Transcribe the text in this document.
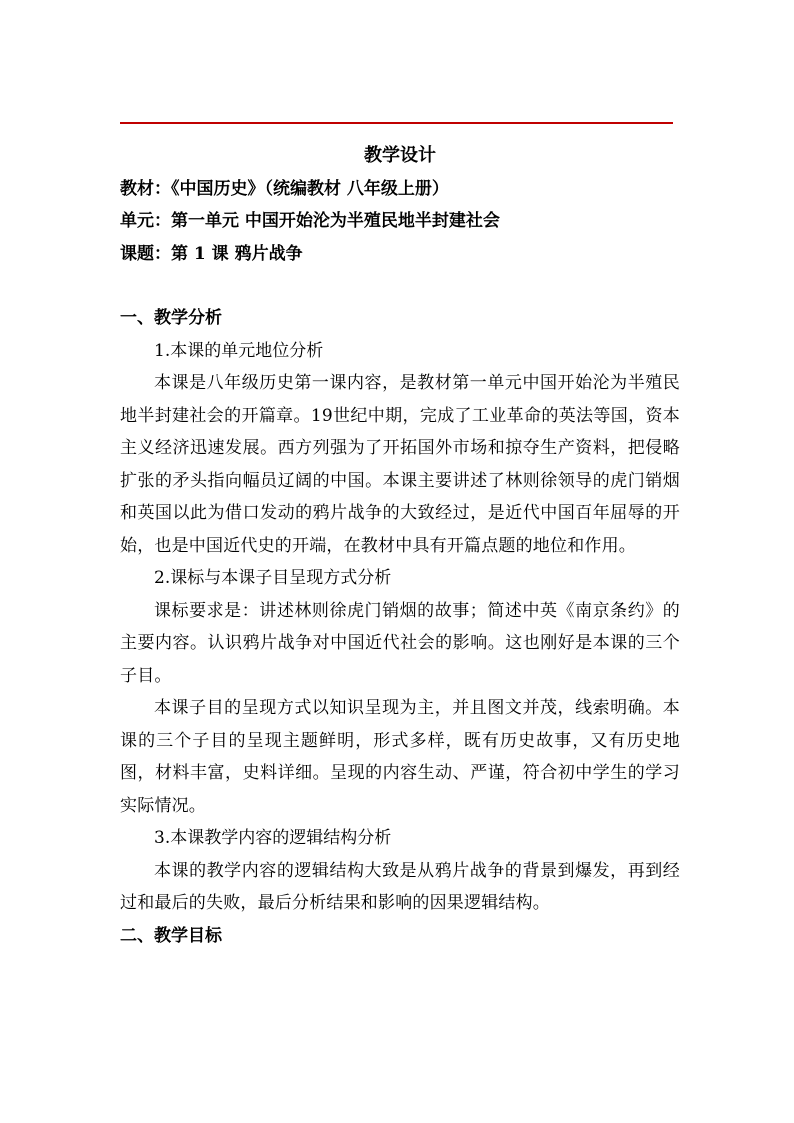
教学设计

教材：《中国历史》（统编教材 八年级上册）

单元：第一单元 中国开始沦为半殖民地半封建社会

课题：第 1 课 鸦片战争

一、教学分析

1.本课的单元地位分析

本课是八年级历史第一课内容，是教材第一单元中国开始沦为半殖民地半封建社会的开篇章。19世纪中期，完成了工业革命的英法等国，资本主义经济迅速发展。西方列强为了开拓国外市场和掠夺生产资料，把侵略扩张的矛头指向幅员辽阔的中国。本课主要讲述了林则徐领导的虎门销烟和英国以此为借口发动的鸦片战争的大致经过，是近代中国百年屈辱的开始，也是中国近代史的开端，在教材中具有开篇点题的地位和作用。

2.课标与本课子目呈现方式分析

课标要求是：讲述林则徐虎门销烟的故事；简述中英《南京条约》的主要内容。认识鸦片战争对中国近代社会的影响。这也刚好是本课的三个子目。

本课子目的呈现方式以知识呈现为主，并且图文并茂，线索明确。本课的三个子目的呈现主题鲜明，形式多样，既有历史故事，又有历史地图，材料丰富，史料详细。呈现的内容生动、严谨，符合初中学生的学习实际情况。

3.本课教学内容的逻辑结构分析

本课的教学内容的逻辑结构大致是从鸦片战争的背景到爆发，再到经过和最后的失败，最后分析结果和影响的因果逻辑结构。

二、教学目标
